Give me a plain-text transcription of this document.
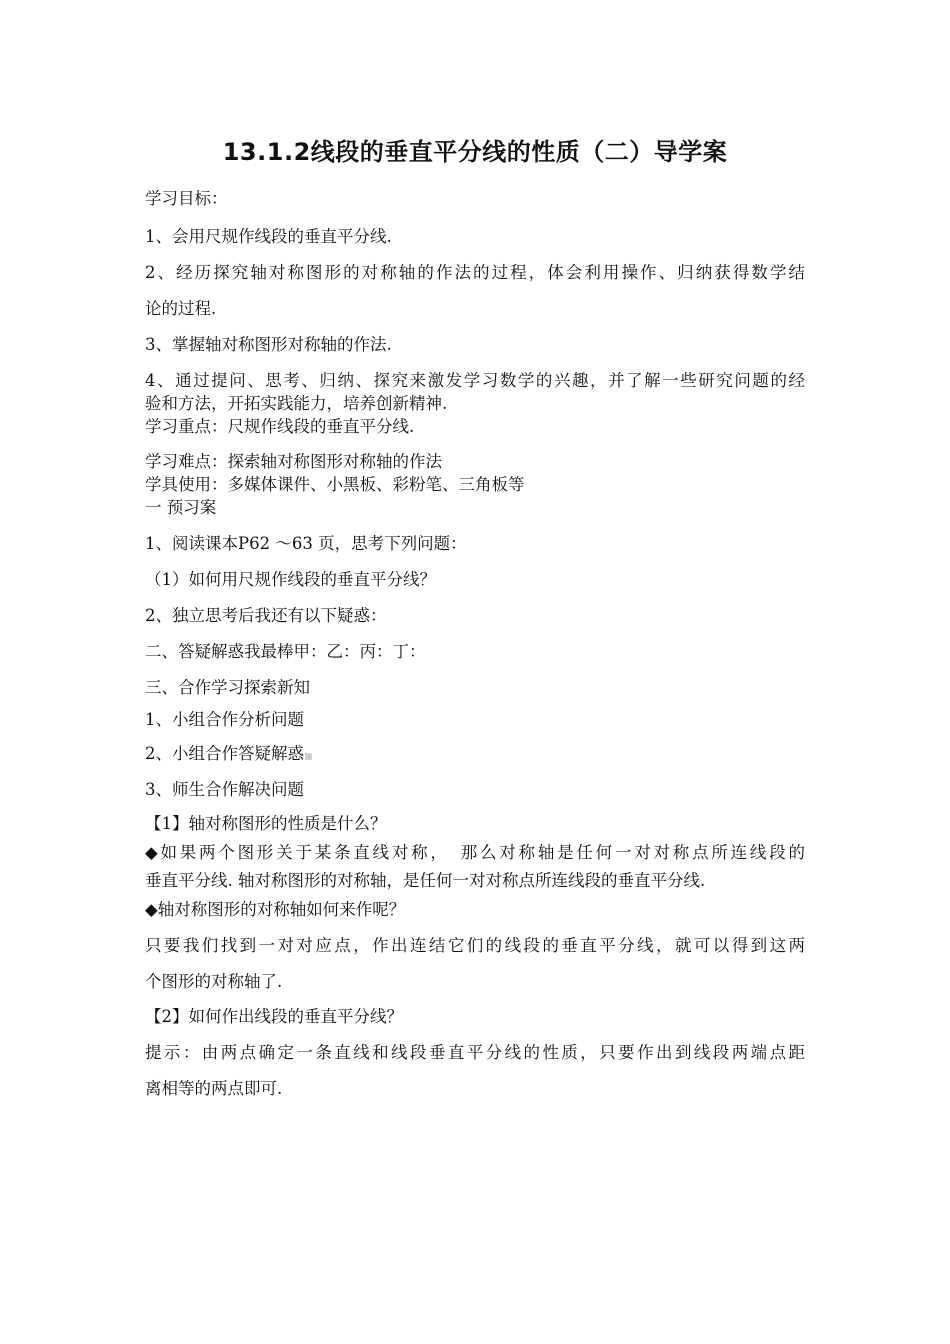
13.1.2线段的垂直平分线的性质（二）导学案
学习目标：
1、会用尺规作线段的垂直平分线.
2、经历探究轴对称图形的对称轴的作法的过程，体会利用操作、归纳获得数学结
论的过程.
3、掌握轴对称图形对称轴的作法.
4、通过提问、思考、归纳、探究来激发学习数学的兴趣，并了解一些研究问题的经
验和方法，开拓实践能力，培养创新精神.
学习重点：尺规作线段的垂直平分线.
学习难点：探索轴对称图形对称轴的作法
学具使用：多媒体课件、小黑板、彩粉笔、三角板等
一 预习案
1、阅读课本P62 ～63 页，思考下列问题：
（1）如何用尺规作线段的垂直平分线？
2、独立思考后我还有以下疑惑：
二、答疑解惑我最棒甲：乙：丙：丁：
三、合作学习探索新知
1、小组合作分析问题
2、小组合作答疑解惑■
3、师生合作解决问题
【1】轴对称图形的性质是什么？
◆如果两个图形关于某条直线对称，　那么对称轴是任何一对对称点所连线段的
垂直平分线. 轴对称图形的对称轴，是任何一对对称点所连线段的垂直平分线.
◆轴对称图形的对称轴如何来作呢？
只要我们找到一对对应点，作出连结它们的线段的垂直平分线，就可以得到这两
个图形的对称轴了.
【2】如何作出线段的垂直平分线？
提示：由两点确定一条直线和线段垂直平分线的性质，只要作出到线段两端点距
离相等的两点即可.
